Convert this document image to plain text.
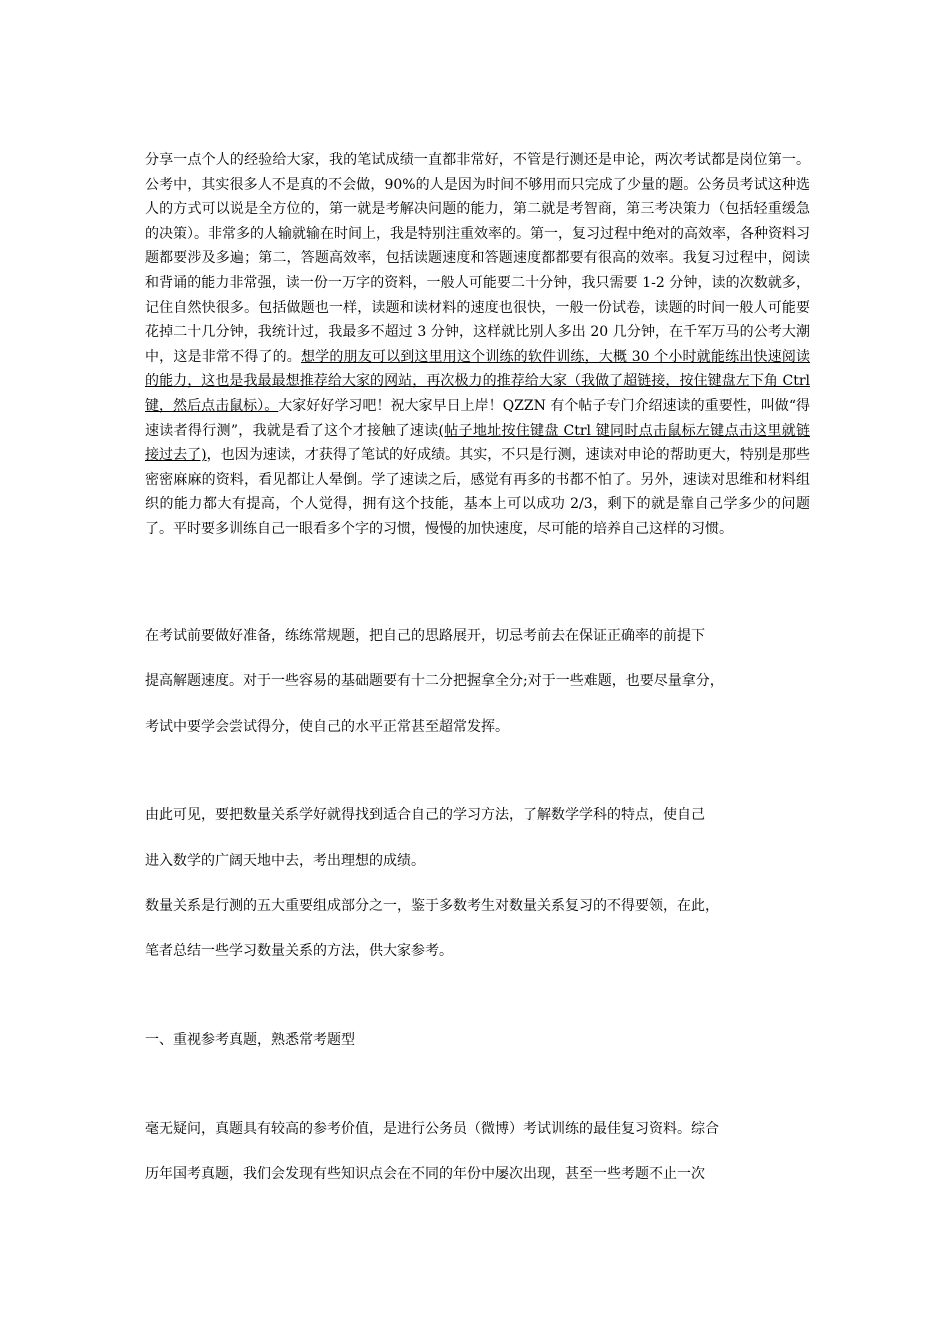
分享一点个人的经验给大家，我的笔试成绩一直都非常好，不管是行测还是申论，两次考试都是岗位第一。公考中，其实很多人不是真的不会做，90%的人是因为时间不够用而只完成了少量的题。公务员考试这种选人的方式可以说是全方位的，第一就是考解决问题的能力，第二就是考智商，第三考决策力（包括轻重缓急的决策）。非常多的人输就输在时间上，我是特别注重效率的。第一，复习过程中绝对的高效率，各种资料习题都要涉及多遍；第二，答题高效率，包括读题速度和答题速度都都要有很高的效率。我复习过程中，阅读和背诵的能力非常强，读一份一万字的资料，一般人可能要二十分钟，我只需要 1-2 分钟，读的次数就多，记住自然快很多。包括做题也一样，读题和读材料的速度也很快，一般一份试卷，读题的时间一般人可能要花掉二十几分钟，我统计过，我最多不超过 3 分钟，这样就比别人多出 20 几分钟，在千军万马的公考大潮中，这是非常不得了的。想学的朋友可以到这里用这个训练的软件训练，大概 30 个小时就能练出快速阅读的能力，这也是我最最想推荐给大家的网站，再次极力的推荐给大家（我做了超链接，按住键盘左下角 Ctrl 键，然后点击鼠标）。大家好好学习吧！祝大家早日上岸！QZZN 有个帖子专门介绍速读的重要性，叫做“得速读者得行测”，我就是看了这个才接触了速读(帖子地址按住键盘 Ctrl 键同时点击鼠标左键点击这里就链接过去了)，也因为速读，才获得了笔试的好成绩。其实，不只是行测，速读对申论的帮助更大，特别是那些密密麻麻的资料，看见都让人晕倒。学了速读之后，感觉有再多的书都不怕了。另外，速读对思维和材料组织的能力都大有提高，个人觉得，拥有这个技能，基本上可以成功 2/3，剩下的就是靠自己学多少的问题了。平时要多训练自己一眼看多个字的习惯，慢慢的加快速度，尽可能的培养自己这样的习惯。

在考试前要做好准备，练练常规题，把自己的思路展开，切忌考前去在保证正确率的前提下

提高解题速度。对于一些容易的基础题要有十二分把握拿全分;对于一些难题，也要尽量拿分，

考试中要学会尝试得分，使自己的水平正常甚至超常发挥。

由此可见，要把数量关系学好就得找到适合自己的学习方法，了解数学学科的特点，使自己

进入数学的广阔天地中去，考出理想的成绩。

数量关系是行测的五大重要组成部分之一，鉴于多数考生对数量关系复习的不得要领，在此，

笔者总结一些学习数量关系的方法，供大家参考。

一、重视参考真题，熟悉常考题型

毫无疑问，真题具有较高的参考价值，是进行公务员（微博）考试训练的最佳复习资料。综合

历年国考真题，我们会发现有些知识点会在不同的年份中屡次出现，甚至一些考题不止一次
